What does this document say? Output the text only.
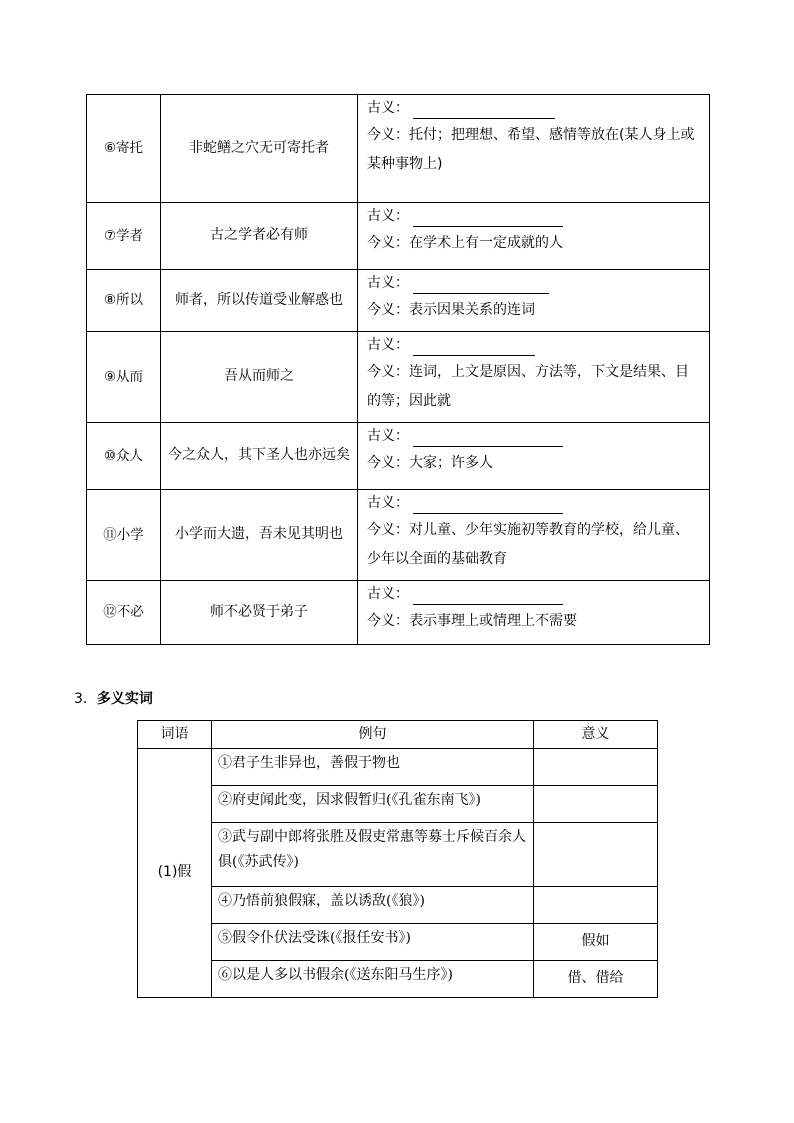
⑥寄托	非蛇鳝之穴无可寄托者	古义：
今义：托付；把理想、希望、感情等放在(某人身上或某种事物上)

⑦学者	古之学者必有师	古义：
今义：在学术上有一定成就的人

⑧所以	师者，所以传道受业解惑也	古义：
今义：表示因果关系的连词

⑨从而	吾从而师之	古义：
今义：连词，上文是原因、方法等，下文是结果、目的等；因此就

⑩众人	今之众人，其下圣人也亦远矣	古义：
今义：大家；许多人

⑪小学	小学而大遗，吾未见其明也	古义：
今义：对儿童、少年实施初等教育的学校，给儿童、少年以全面的基础教育

⑫不必	师不必贤于弟子	古义：
今义：表示事理上或情理上不需要
3．多义实词
词语	例句	意义
(1)假	①君子生非异也，善假于物也	
	②府吏闻此变，因求假暂归(《孔雀东南飞》)	
	③武与副中郎将张胜及假吏常惠等募士斥候百余人俱(《苏武传》)	
	④乃悟前狼假寐，盖以诱敌(《狼》)	
	⑤假令仆伏法受诛(《报任安书》)	假如
	⑥以是人多以书假余(《送东阳马生序》)	借、借给
